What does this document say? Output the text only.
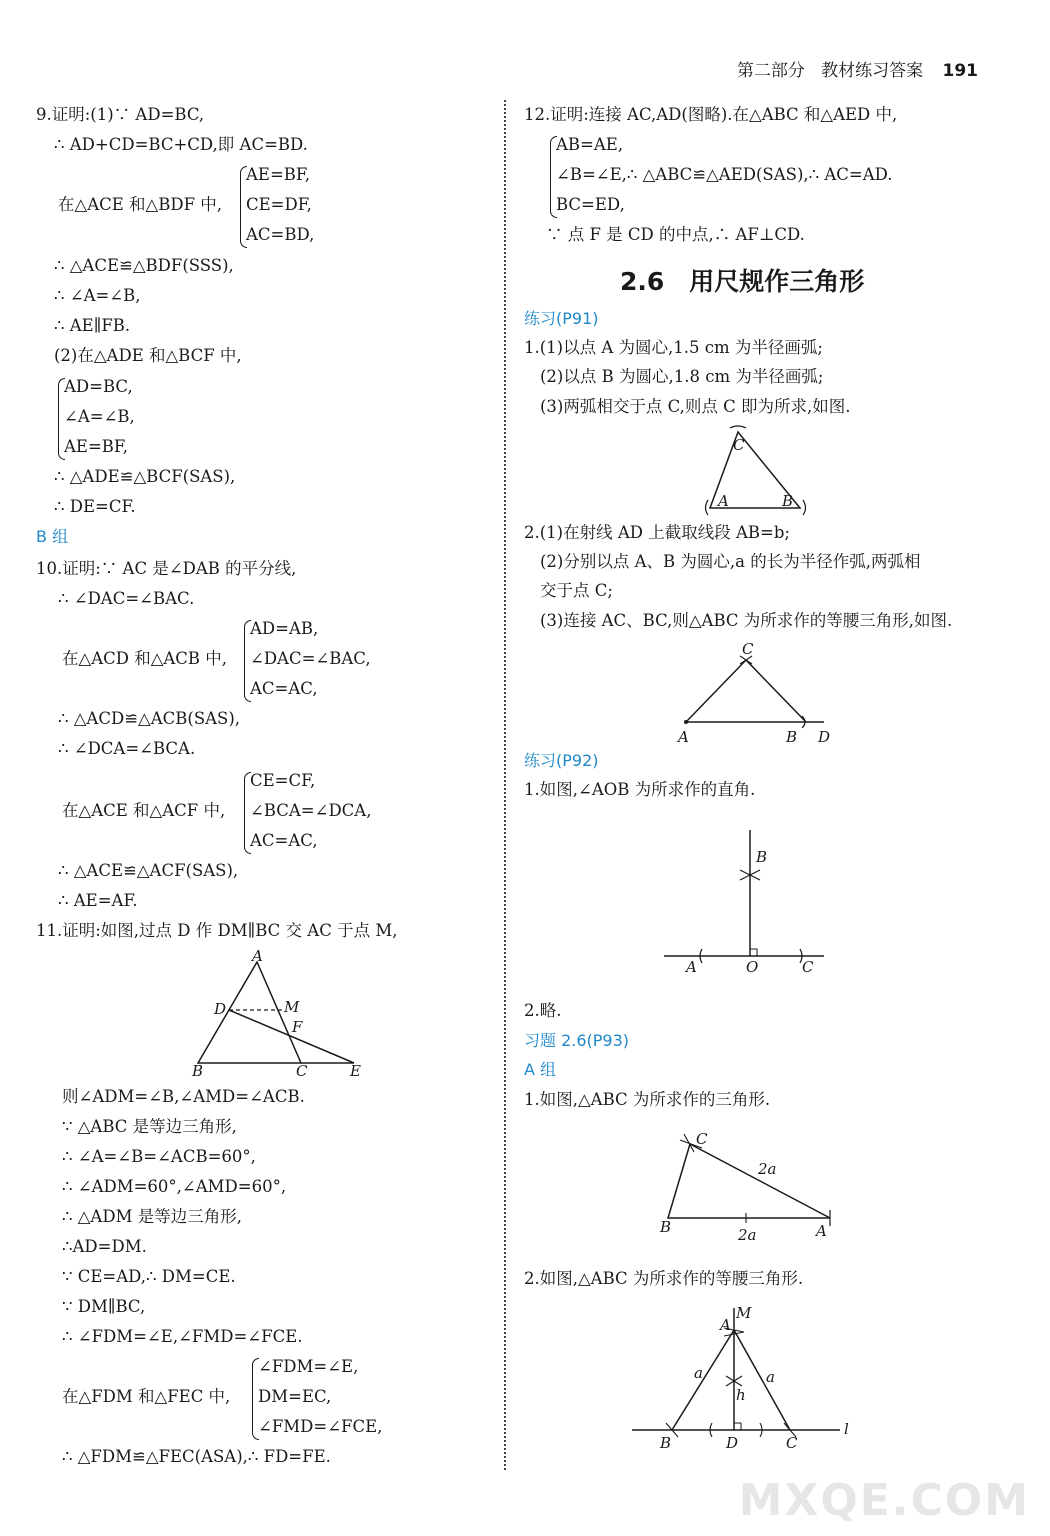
第二部分 教材练习答案 191
9.证明:(1)∵ AD=BC,
∴ AD+CD=BC+CD,即 AC=BD.
在△ACE 和△BDF 中,
AE=BF,
CE=DF,
AC=BD,
∴ △ACE≌△BDF(SSS),
∴ ∠A=∠B,
∴ AE∥FB.
(2)在△ADE 和△BCF 中,
AD=BC,
∠A=∠B,
AE=BF,
∴ △ADE≌△BCF(SAS),
∴ DE=CF.
B 组
10.证明:∵ AC 是∠DAB 的平分线,
∴ ∠DAC=∠BAC.
在△ACD 和△ACB 中,
AD=AB,
∠DAC=∠BAC,
AC=AC,
∴ △ACD≌△ACB(SAS),
∴ ∠DCA=∠BCA.
在△ACE 和△ACF 中,
CE=CF,
∠BCA=∠DCA,
AC=AC,
∴ △ACE≌△ACF(SAS),
∴ AE=AF.
11.证明:如图,过点 D 作 DM∥BC 交 AC 于点 M,
A
D	M
F
B	C	E
则∠ADM=∠B,∠AMD=∠ACB.
∵ △ABC 是等边三角形,
∴ ∠A=∠B=∠ACB=60°,
∴ ∠ADM=60°,∠AMD=60°,
∴ △ADM 是等边三角形,
∴AD=DM.
∵ CE=AD,∴ DM=CE.
∵ DM∥BC,
∴ ∠FDM=∠E,∠FMD=∠FCE.
在△FDM 和△FEC 中,
∠FDM=∠E,
DM=EC,
∠FMD=∠FCE,
∴ △FDM≌△FEC(ASA),∴ FD=FE.
12.证明:连接 AC,AD(图略).在△ABC 和△AED 中,
AB=AE,
∠B=∠E,∴ △ABC≌△AED(SAS),∴ AC=AD.
BC=ED,
∵ 点 F 是 CD 的中点,∴ AF⊥CD.
2.6　用尺规作三角形
练习(P91)
1.(1)以点 A 为圆心,1.5 cm 为半径画弧;
(2)以点 B 为圆心,1.8 cm 为半径画弧;
(3)两弧相交于点 C,则点 C 即为所求,如图.
C
A	B
2.(1)在射线 AD 上截取线段 AB=b;
(2)分别以点 A、B 为圆心,a 的长为半径作弧,两弧相
交于点 C;
(3)连接 AC、BC,则△ABC 为所求作的等腰三角形,如图.
C
A	B D
练习(P92)
1.如图,∠AOB 为所求作的直角.
B
A	O	C
2.略.
习题 2.6(P93)
A 组
1.如图,△ABC 为所求作的三角形.
C
2a
B	2a	A
2.如图,△ABC 为所求作的等腰三角形.
A
M
a	a
h
B	D	C
l
MXQE.COM
